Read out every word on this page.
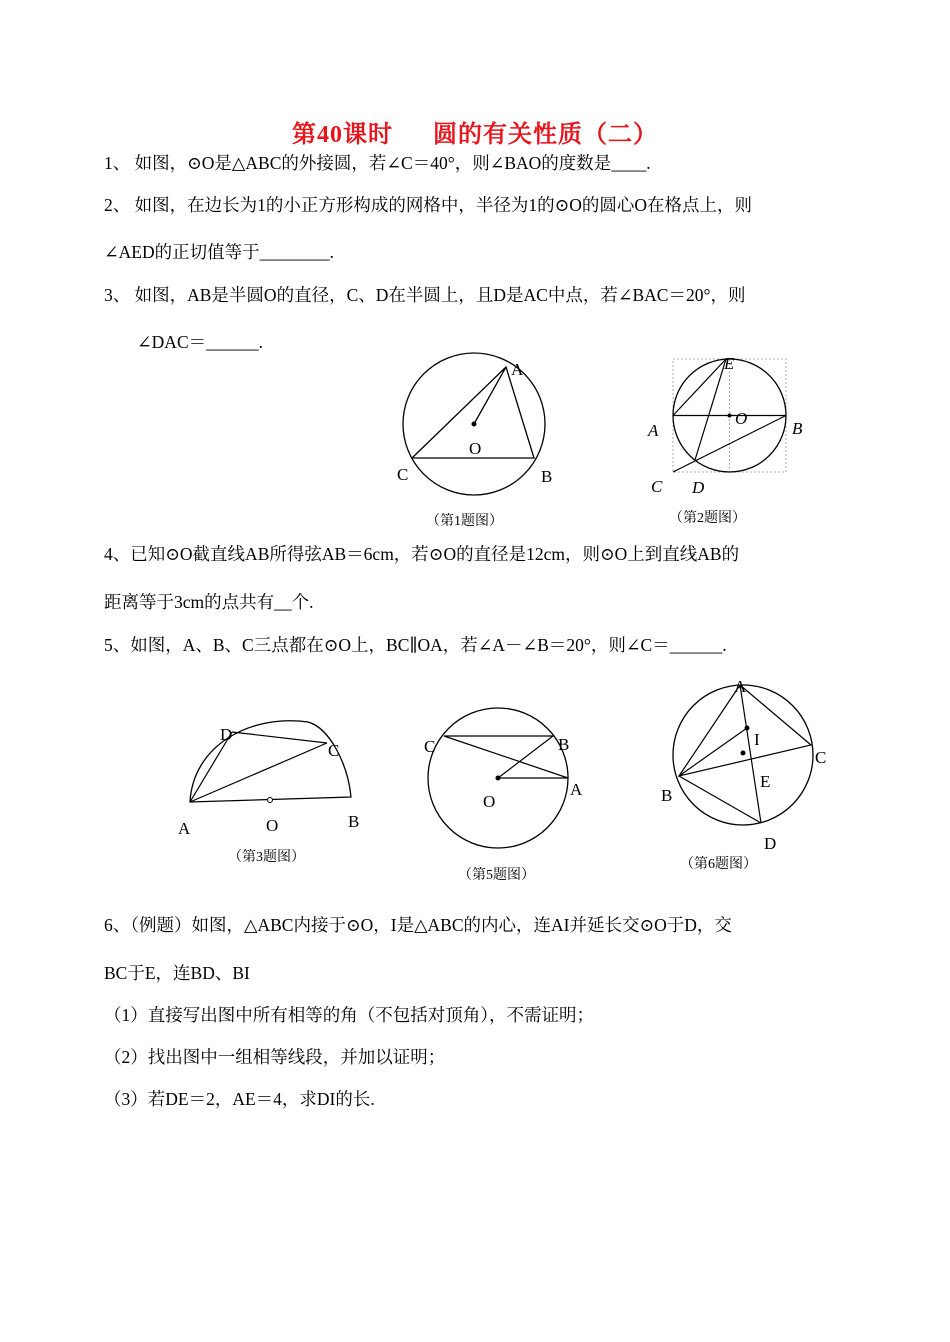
第40课时 圆的有关性质（二）
1、 如图，⊙O是△ABC的外接圆，若∠C＝40°，则∠BAO的度数是____.
2、 如图，在边长为1的小正方形构成的网格中，半径为1的⊙O的圆心O在格点上，则
∠AED的正切值等于________.
3、 如图，AB是半圆O的直径，C、D在半圆上，且D是AC中点，若∠BAC＝20°，则
∠DAC＝______.
A
O
C	B
（第1题图）
E
O
A	B
C D
（第2题图）
4、已知⊙O截直线AB所得弦AB＝6cm，若⊙O的直径是12cm，则⊙O上到直线AB的
距离等于3cm的点共有__个.
5、如图，A、B、C三点都在⊙O上，BC∥OA，若∠A－∠B＝20°，则∠C＝______.
D
C
A	O	B
（第3题图）
C	B
A
O
（第5题图）
A
I
C
B
E
D
（第6题图）
6、（例题）如图，△ABC内接于⊙O，I是△ABC的内心，连AI并延长交⊙O于D，交
BC于E，连BD、BI
（1）直接写出图中所有相等的角（不包括对顶角），不需证明；
（2）找出图中一组相等线段，并加以证明；
（3）若DE＝2，AE＝4，求DI的长.
